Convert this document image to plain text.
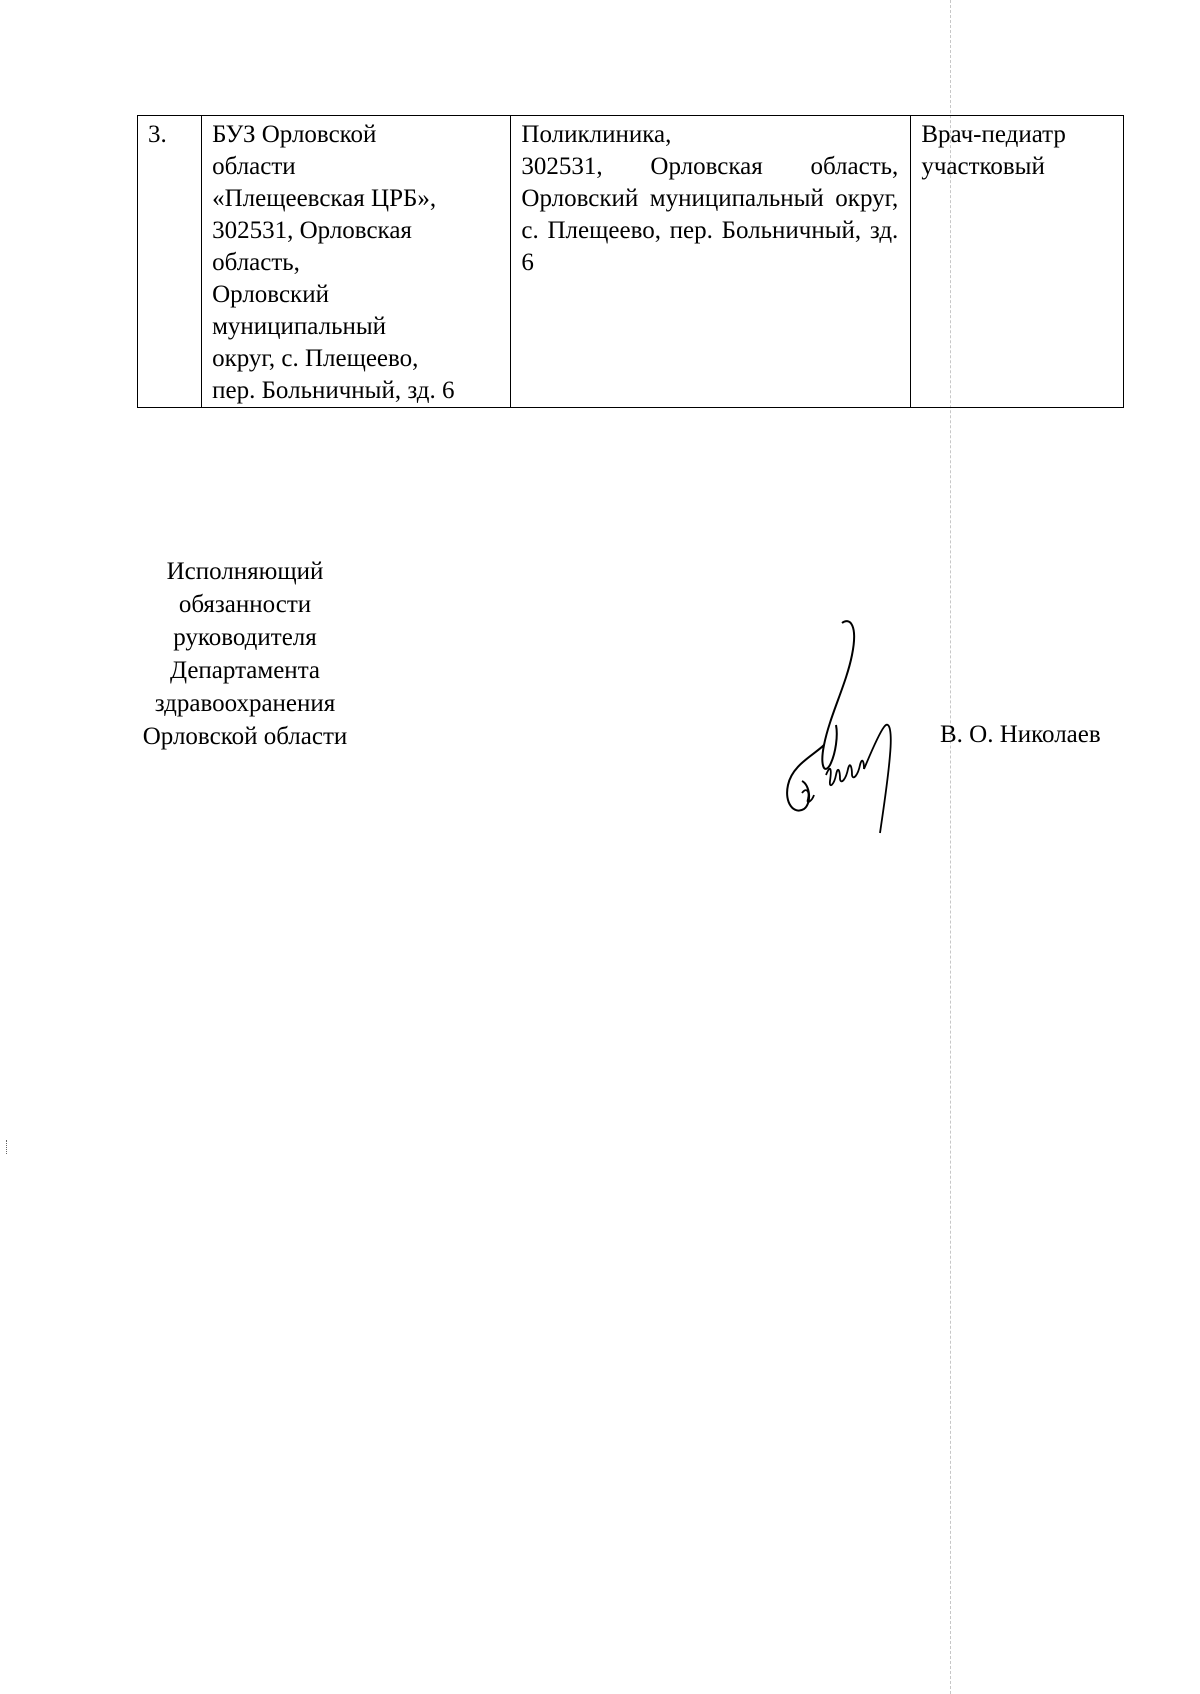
3.	БУЗ Орловской
области
«Плещеевская ЦРБ»,
302531, Орловская
область,
Орловский
муниципальный
округ, с. Плещеево,
пер. Больничный, зд. 6	Поликлиника,
302531, Орловская область, Орловский муниципальный округ, с. Плещеево, пер. Больничный, зд. 6	Врач-педиатр
участковый
Исполняющий
обязанности
руководителя
Департамента
здравоохранения
Орловской области	В. О. Николаев
